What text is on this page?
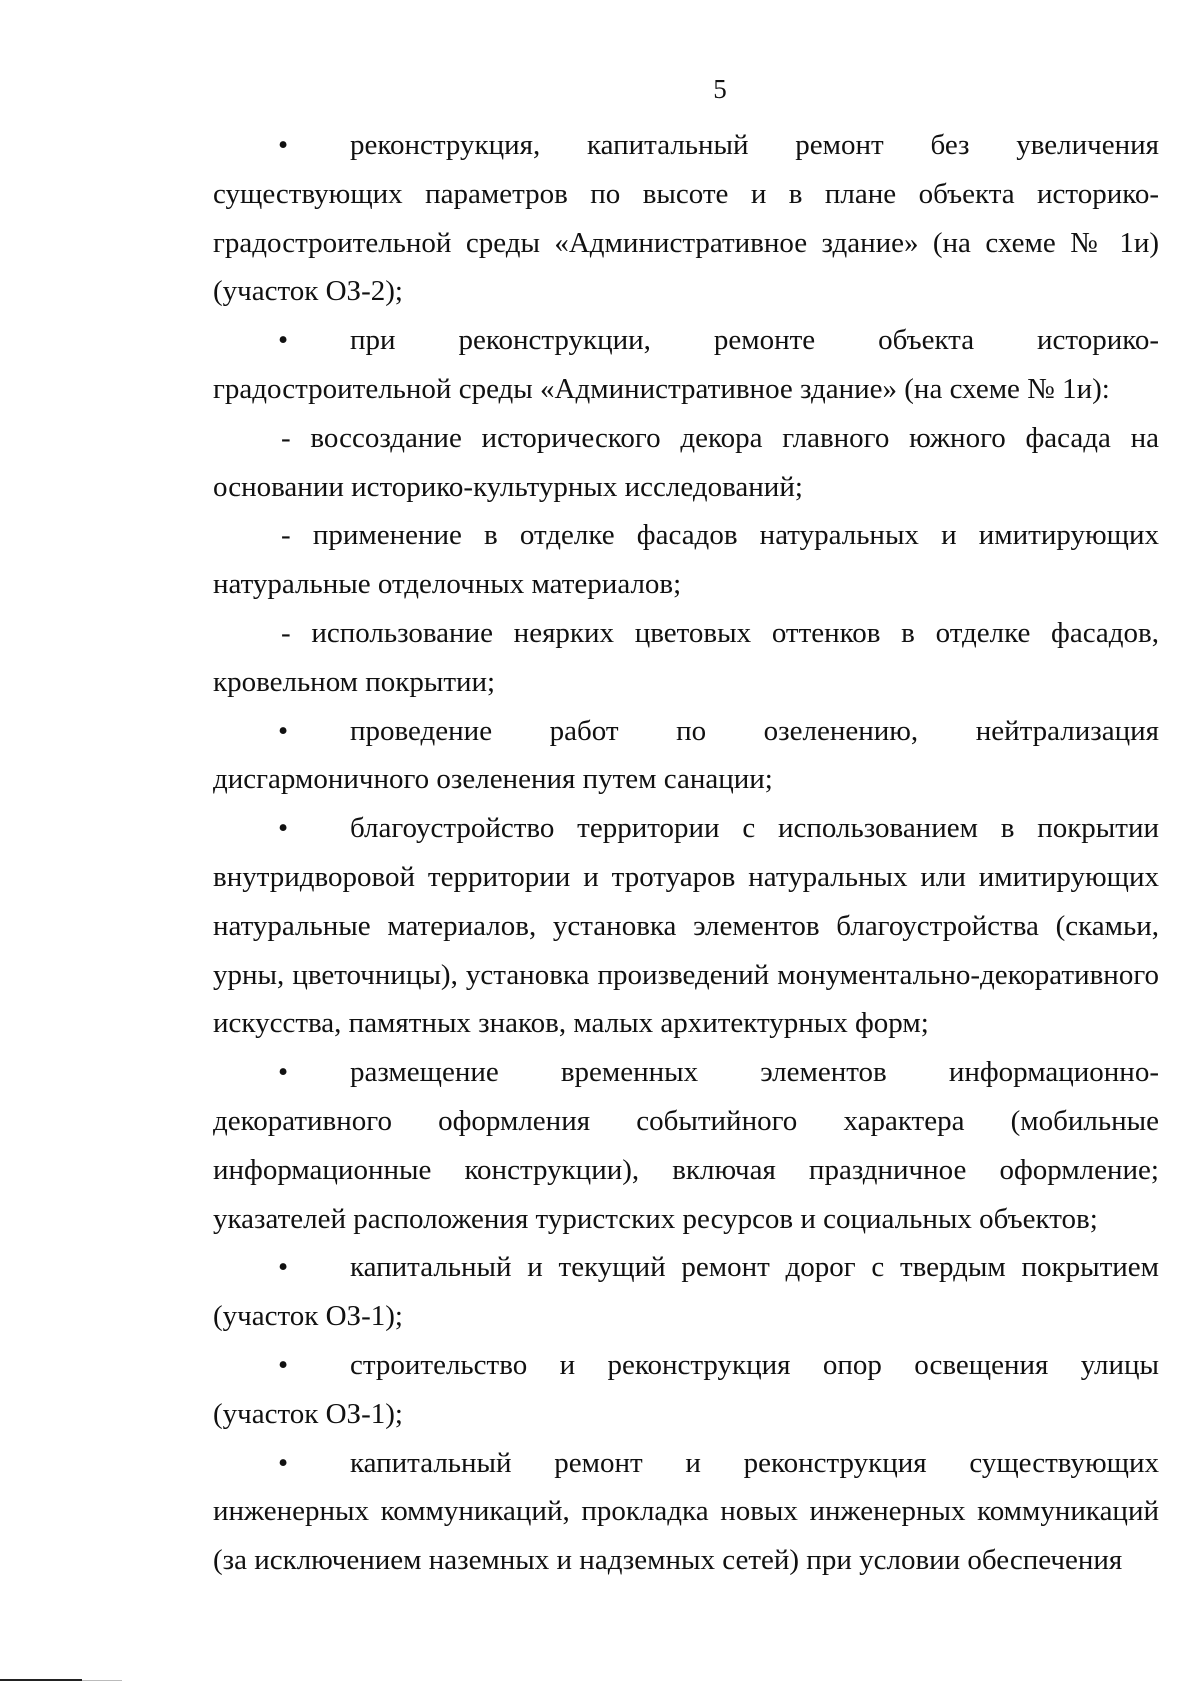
5
•	реконструкция, капитальный ремонт без увеличения
существующих параметров по высоте и в плане объекта историко-
градостроительной среды «Административное здание» (на схеме № 1и)
(участок ОЗ-2);
•	при реконструкции, ремонте объекта историко-
градостроительной среды «Административное здание» (на схеме № 1и):
- воссоздание исторического декора главного южного фасада на
основании историко-культурных исследований;
- применение в отделке фасадов натуральных и имитирующих
натуральные отделочных материалов;
- использование неярких цветовых оттенков в отделке фасадов,
кровельном покрытии;
•	проведение работ по озеленению, нейтрализация
дисгармоничного озеленения путем санации;
•	благоустройство территории с использованием в покрытии
внутридворовой территории и тротуаров натуральных или имитирующих
натуральные материалов, установка элементов благоустройства (скамьи,
урны, цветочницы), установка произведений монументально-декоративного
искусства, памятных знаков, малых архитектурных форм;
•	размещение временных элементов информационно-
декоративного оформления событийного характера (мобильные
информационные конструкции), включая праздничное оформление;
указателей расположения туристских ресурсов и социальных объектов;
•	капитальный и текущий ремонт дорог с твердым покрытием
(участок ОЗ-1);
•	строительство и реконструкция опор освещения улицы
(участок ОЗ-1);
•	капитальный ремонт и реконструкция существующих
инженерных коммуникаций, прокладка новых инженерных коммуникаций
(за исключением наземных и надземных сетей) при условии обеспечения
